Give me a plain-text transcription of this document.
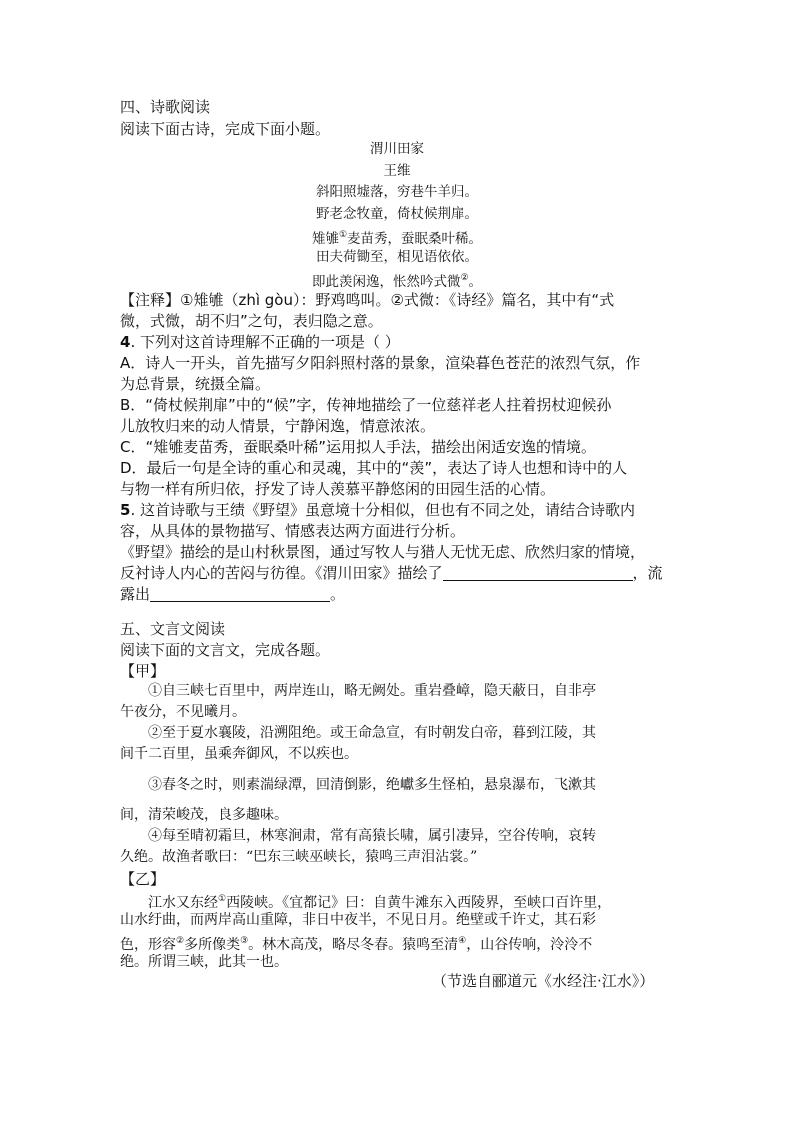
四、诗歌阅读
阅读下面古诗，完成下面小题。
渭川田家
王维
斜阳照墟落，穷巷牛羊归。
野老念牧童，倚杖候荆扉。
雉雊①麦苗秀，蚕眠桑叶稀。
田夫荷锄至，相见语依依。
即此羡闲逸，怅然吟式微②。
【注释】①雉雊（zhì gòu）：野鸡鸣叫。②式微：《诗经》篇名，其中有“式
微，式微，胡不归”之句，表归隐之意。
4. 下列对这首诗理解不正确的一项是（ ）
A．诗人一开头，首先描写夕阳斜照村落的景象，渲染暮色苍茫的浓烈气氛，作
为总背景，统摄全篇。
B．“倚杖候荆扉”中的“候”字，传神地描绘了一位慈祥老人拄着拐杖迎候孙
儿放牧归来的动人情景，宁静闲逸，情意浓浓。
C．“雉雊麦苗秀，蚕眠桑叶稀”运用拟人手法，描绘出闲适安逸的情境。
D．最后一句是全诗的重心和灵魂，其中的“羡”，表达了诗人也想和诗中的人
与物一样有所归依，抒发了诗人羡慕平静悠闲的田园生活的心情。
5. 这首诗歌与王绩《野望》虽意境十分相似，但也有不同之处，请结合诗歌内
容，从具体的景物描写、情感表达两方面进行分析。
《野望》描绘的是山村秋景图，通过写牧人与猎人无忧无虑、欣然归家的情境，
反衬诗人内心的苦闷与彷徨。《渭川田家》描绘了	，流
露出	。
五、文言文阅读
阅读下面的文言文，完成各题。
【甲】
①自三峡七百里中，两岸连山，略无阙处。重岩叠嶂，隐天蔽日，自非亭
午夜分，不见曦月。
②至于夏水襄陵，沿溯阻绝。或王命急宣，有时朝发白帝，暮到江陵，其
间千二百里，虽乘奔御风，不以疾也。
③春冬之时，则素湍绿潭，回清倒影，绝巘多生怪柏，悬泉瀑布，飞漱其
间，清荣峻茂，良多趣味。
④每至晴初霜旦，林寒涧肃，常有高猿长啸，属引凄异，空谷传响，哀转
久绝。故渔者歌曰：“巴东三峡巫峡长，猿鸣三声泪沾裳。”
【乙】
江水又东经①西陵峡。《宜都记》曰：自黄牛滩东入西陵界，至峡口百许里，
山水纡曲，而两岸高山重障，非日中夜半，不见日月。绝壁或千许丈，其石彩
色，形容②多所像类③。林木高茂，略尽冬春。猿鸣至清④，山谷传响，泠泠不
绝。所谓三峡，此其一也。
（节选自郦道元《水经注·江水》）
